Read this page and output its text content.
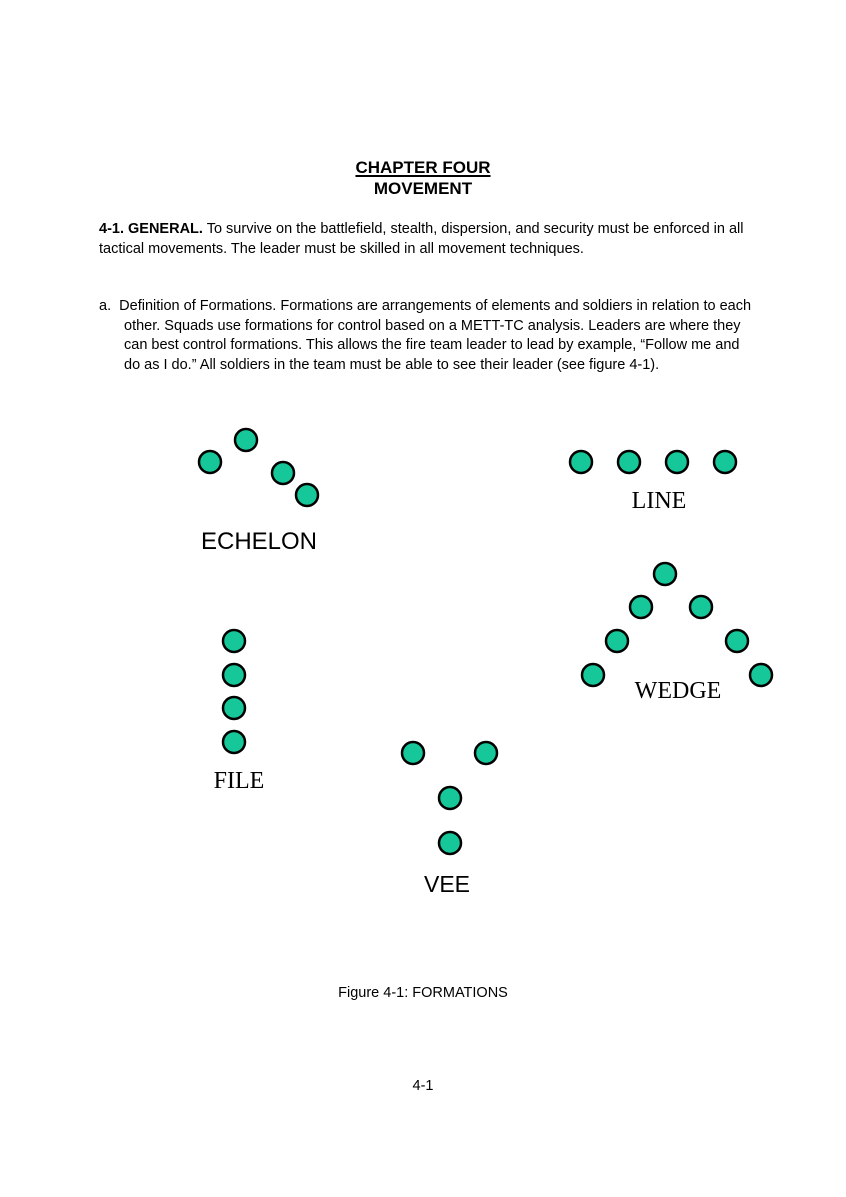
CHAPTER FOUR
MOVEMENT

4-1. GENERAL. To survive on the battlefield, stealth, dispersion, and security must be enforced in all tactical movements. The leader must be skilled in all movement techniques.

a. Definition of Formations. Formations are arrangements of elements and soldiers in relation to each other. Squads use formations for control based on a METT-TC analysis. Leaders are where they can best control formations. This allows the fire team leader to lead by example, “Follow me and do as I do.” All soldiers in the team must be able to see their leader (see figure 4-1).

ECHELON
LINE
WEDGE
FILE
VEE
Figure 4-1: FORMATIONS
4-1
